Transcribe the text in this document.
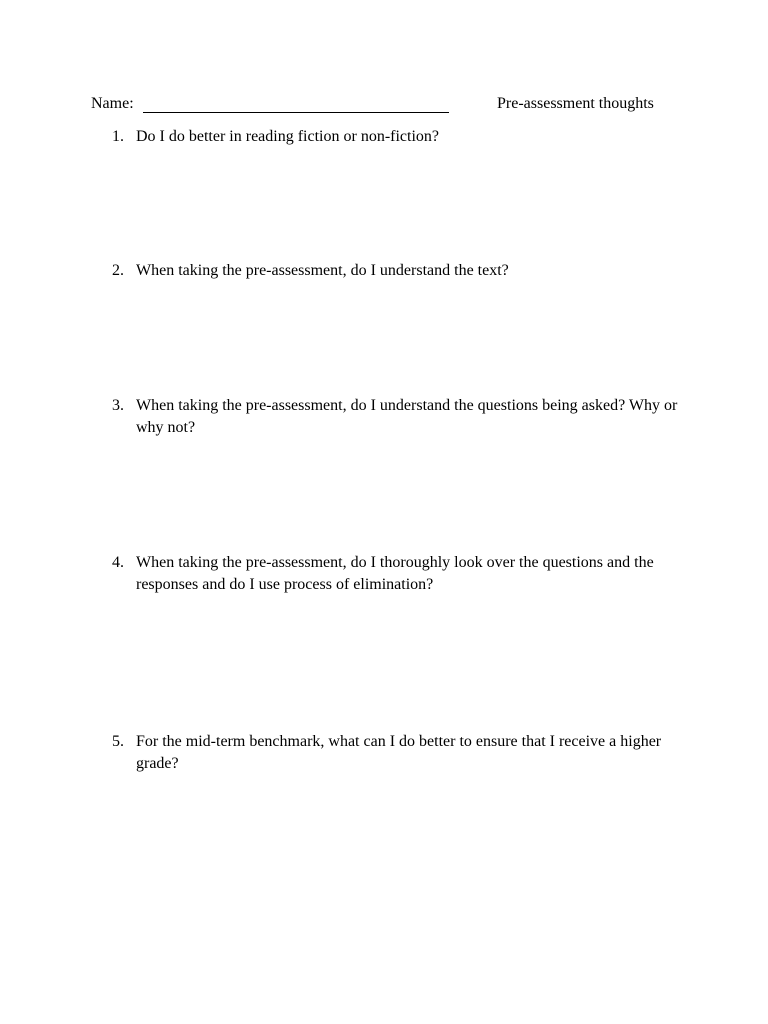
Name:	Pre-assessment thoughts
1. Do I do better in reading fiction or non-fiction?
2. When taking the pre-assessment, do I understand the text?
3. When taking the pre-assessment, do I understand the questions being asked? Why or why not?
4. When taking the pre-assessment, do I thoroughly look over the questions and the responses and do I use process of elimination?
5. For the mid-term benchmark, what can I do better to ensure that I receive a higher grade?
